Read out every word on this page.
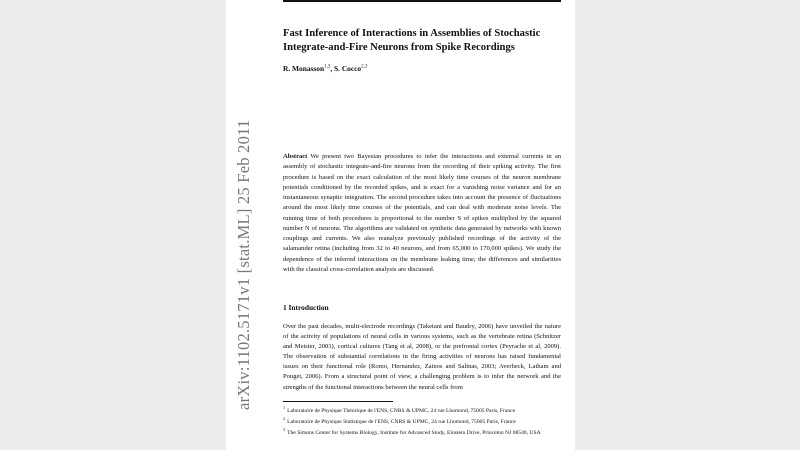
arXiv:1102.5171v1 [stat.ML] 25 Feb 2011
Fast Inference of Interactions in Assemblies of Stochastic Integrate-and-Fire Neurons from Spike Recordings
R. Monasson$^{1,3}$, S. Cocco$^{2,3}$

Abstract We present two Bayesian procedures to infer the interactions and external currents in an assembly of stochastic integrate-and-fire neurons from the recording of their spiking activity. The first procedure is based on the exact calculation of the most likely time courses of the neuron membrane potentials conditioned by the recorded spikes, and is exact for a vanishing noise variance and for an instantaneous synaptic integration. The second procedure takes into account the presence of fluctuations around the most likely time courses of the potentials, and can deal with moderate noise levels. The running time of both procedures is proportional to the number S of spikes multiplied by the squared number N of neurons. The algorithms are validated on synthetic data generated by networks with known couplings and currents. We also reanalyze previously published recordings of the activity of the salamander retina (including from 32 to 40 neurons, and from 65,000 to 170,000 spikes). We study the dependence of the inferred interactions on the membrane leaking time; the differences and similarities with the classical cross-correlation analysis are discussed.

1 Introduction

Over the past decades, multi-electrode recordings (Taketani and Baudry, 2006) have unveiled the nature of the activity of populations of neural cells in various systems, such as the vertebrate retina (Schnitzer and Meister, 2003), cortical cultures (Tang et al, 2008), or the prefrontal cortex (Peyrache et al, 2009). The observation of substantial correlations in the firing activities of neurons has raised fundamental issues on their functional role (Romo, Hernandez, Zainos and Salinas, 2003; Averbeck, Latham and Pouget, 2006). From a structural point of view, a challenging problem is to infer the network and the strengths of the functional interactions between the neural cells from

$^1$Laboratoire de Physique Théorique de l'ENS, CNRS & UPMC, 24 rue Lhomond, 75005 Paris, France

$^2$Laboratoire de Physique Statistique de l'ENS, CNRS & UPMC, 24 rue Lhomond, 75005 Paris, France

$^3$The Simons Center for Systems Biology, Institute for Advanced Study, Einstein Drive, Princeton NJ 08540, USA
